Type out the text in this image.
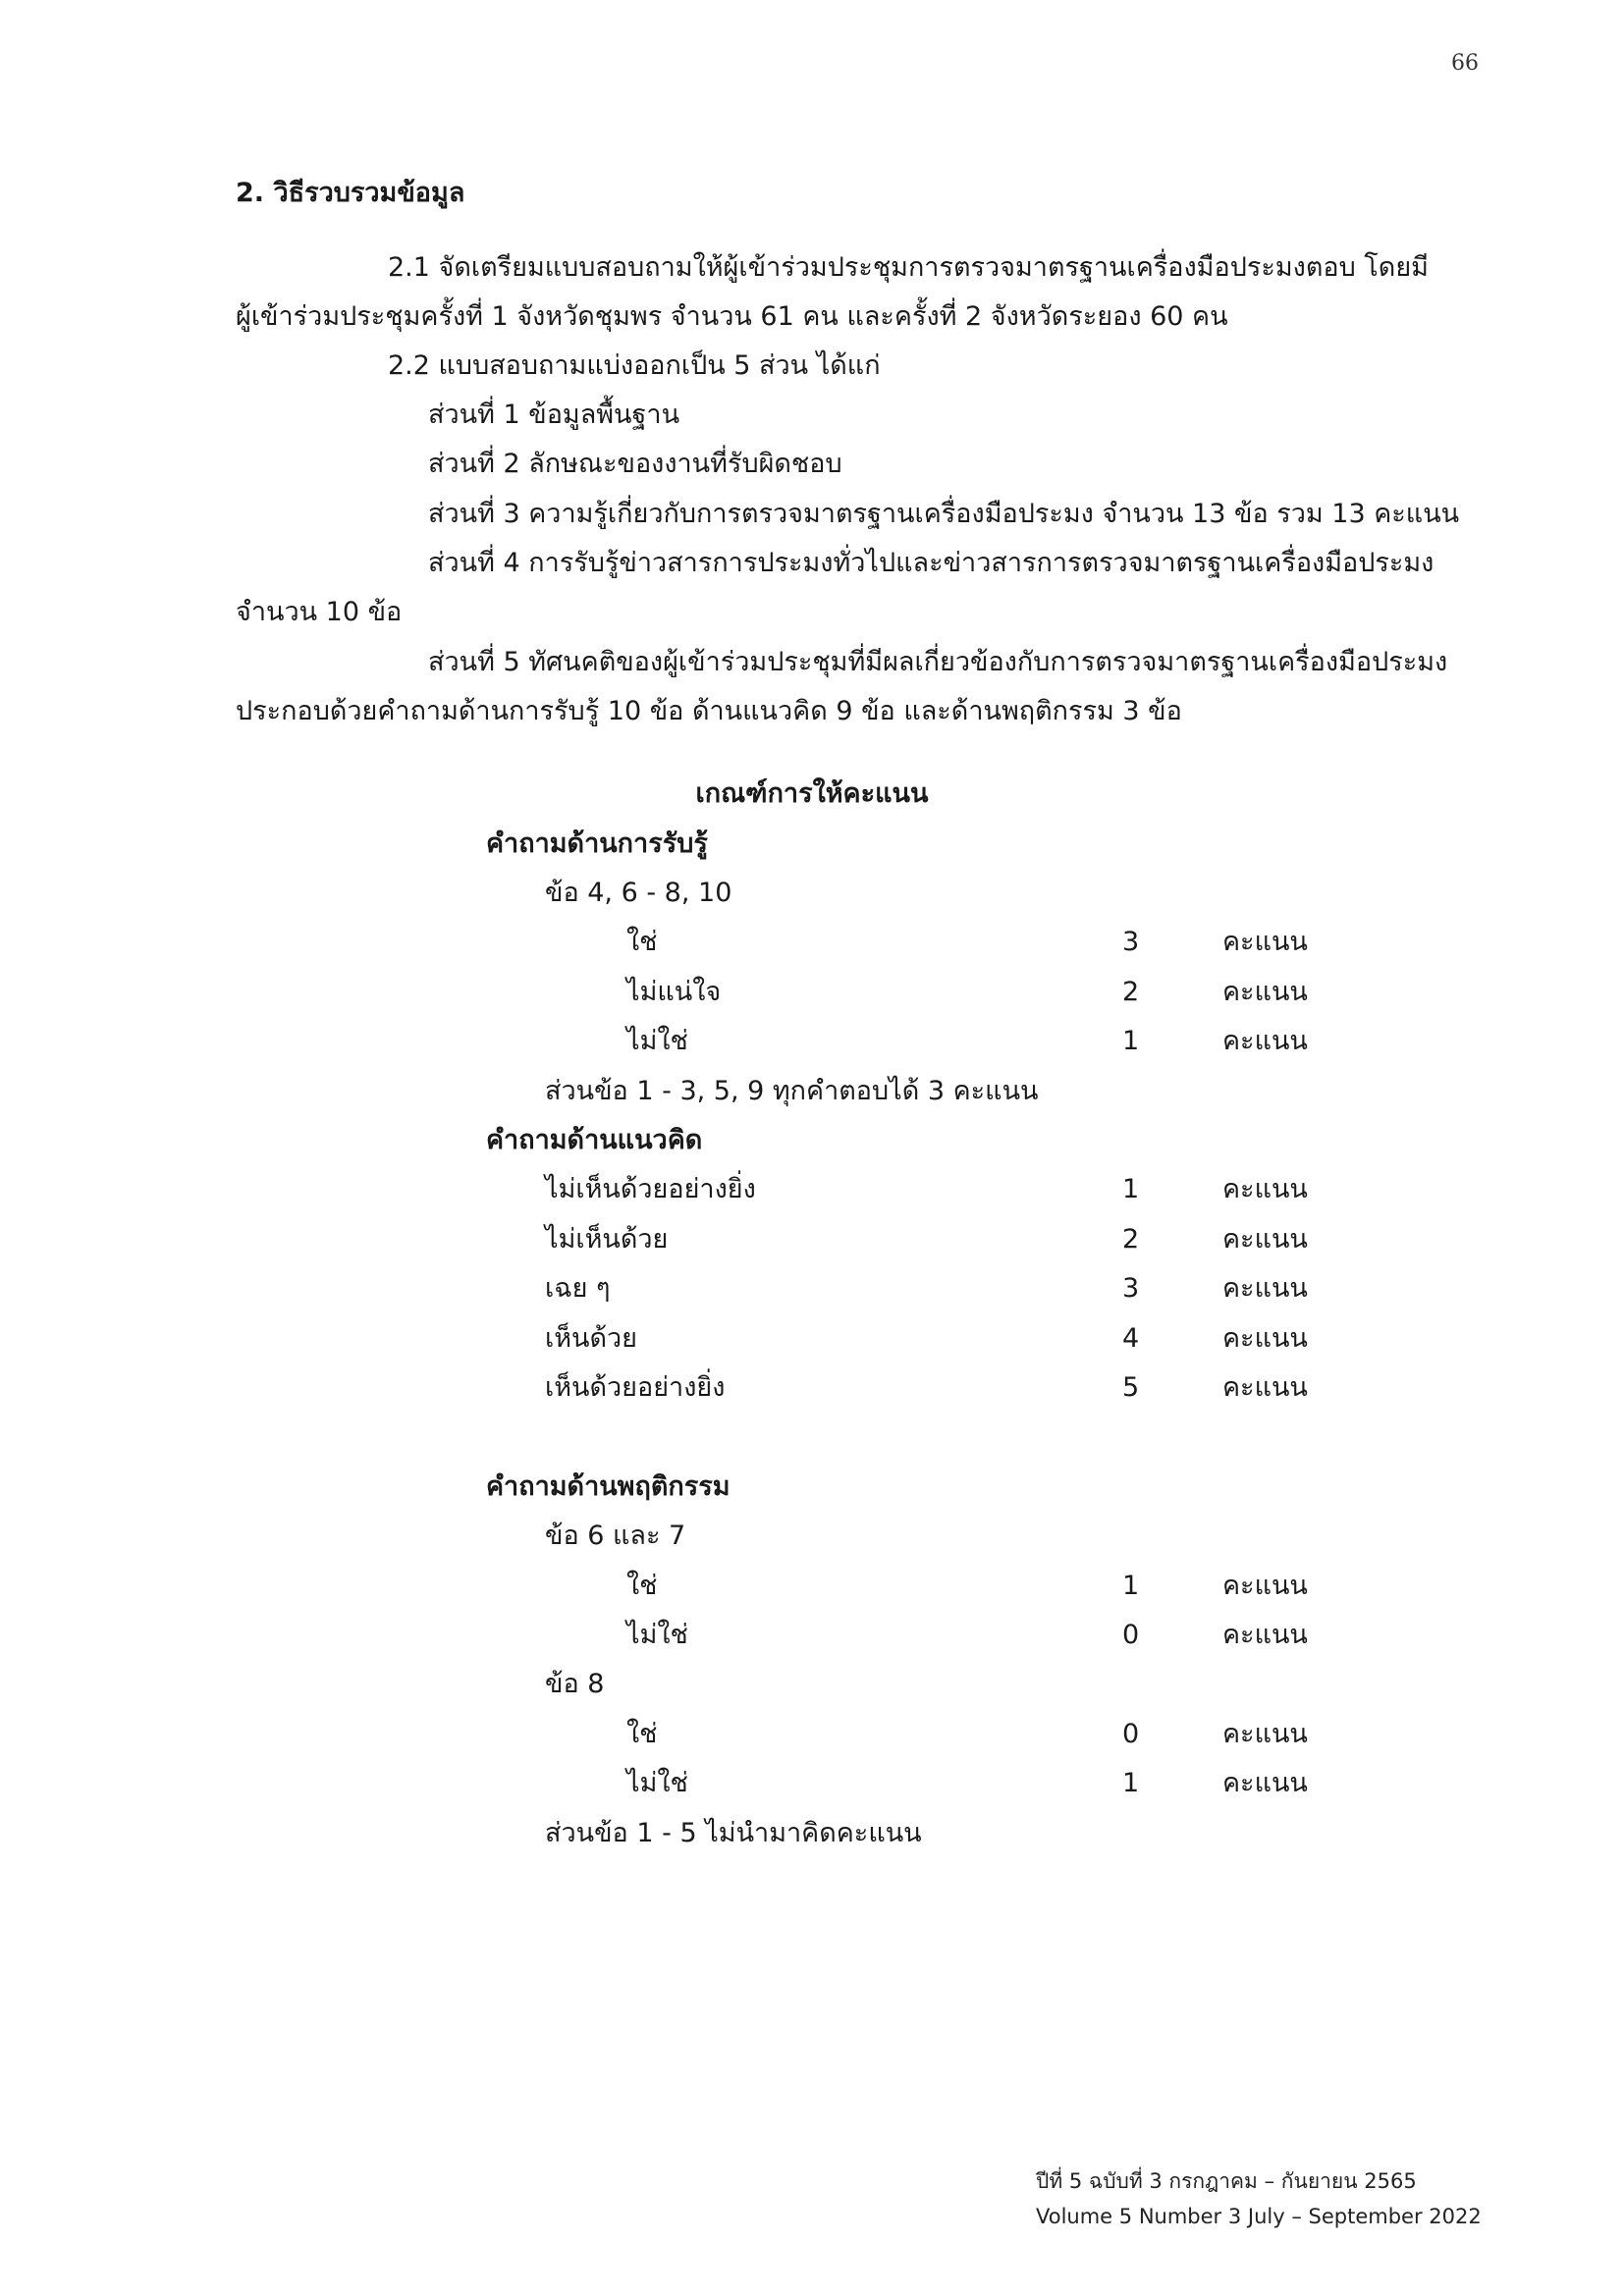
66
2. วิธีรวบรวมข้อมูล
2.1 จัดเตรียมแบบสอบถามให้ผู้เข้าร่วมประชุมการตรวจมาตรฐานเครื่องมือประมงตอบ โดยมี
ผู้เข้าร่วมประชุมครั้งที่ 1 จังหวัดชุมพร จำนวน 61 คน และครั้งที่ 2 จังหวัดระยอง 60 คน
2.2 แบบสอบถามแบ่งออกเป็น 5 ส่วน ได้แก่
ส่วนที่ 1 ข้อมูลพื้นฐาน
ส่วนที่ 2 ลักษณะของงานที่รับผิดชอบ
ส่วนที่ 3 ความรู้เกี่ยวกับการตรวจมาตรฐานเครื่องมือประมง จำนวน 13 ข้อ รวม 13 คะแนน
ส่วนที่ 4 การรับรู้ข่าวสารการประมงทั่วไปและข่าวสารการตรวจมาตรฐานเครื่องมือประมง
จำนวน 10 ข้อ
ส่วนที่ 5 ทัศนคติของผู้เข้าร่วมประชุมที่มีผลเกี่ยวข้องกับการตรวจมาตรฐานเครื่องมือประมง
ประกอบด้วยคำถามด้านการรับรู้ 10 ข้อ ด้านแนวคิด 9 ข้อ และด้านพฤติกรรม 3 ข้อ
เกณฑ์การให้คะแนน
คำถามด้านการรับรู้
ข้อ 4, 6 - 8, 10
ใช่	3	คะแนน
ไม่แน่ใจ	2	คะแนน
ไม่ใช่	1	คะแนน
ส่วนข้อ 1 - 3, 5, 9 ทุกคำตอบได้ 3 คะแนน
คำถามด้านแนวคิด
ไม่เห็นด้วยอย่างยิ่ง	1	คะแนน
ไม่เห็นด้วย	2	คะแนน
เฉย ๆ	3	คะแนน
เห็นด้วย	4	คะแนน
เห็นด้วยอย่างยิ่ง	5	คะแนน
คำถามด้านพฤติกรรม
ข้อ 6 และ 7
ใช่	1	คะแนน
ไม่ใช่	0	คะแนน
ข้อ 8
ใช่	0	คะแนน
ไม่ใช่	1	คะแนน
ส่วนข้อ 1 - 5 ไม่นำมาคิดคะแนน
ปีที่ 5 ฉบับที่ 3 กรกฎาคม – กันยายน 2565
Volume 5 Number 3 July – September 2022
